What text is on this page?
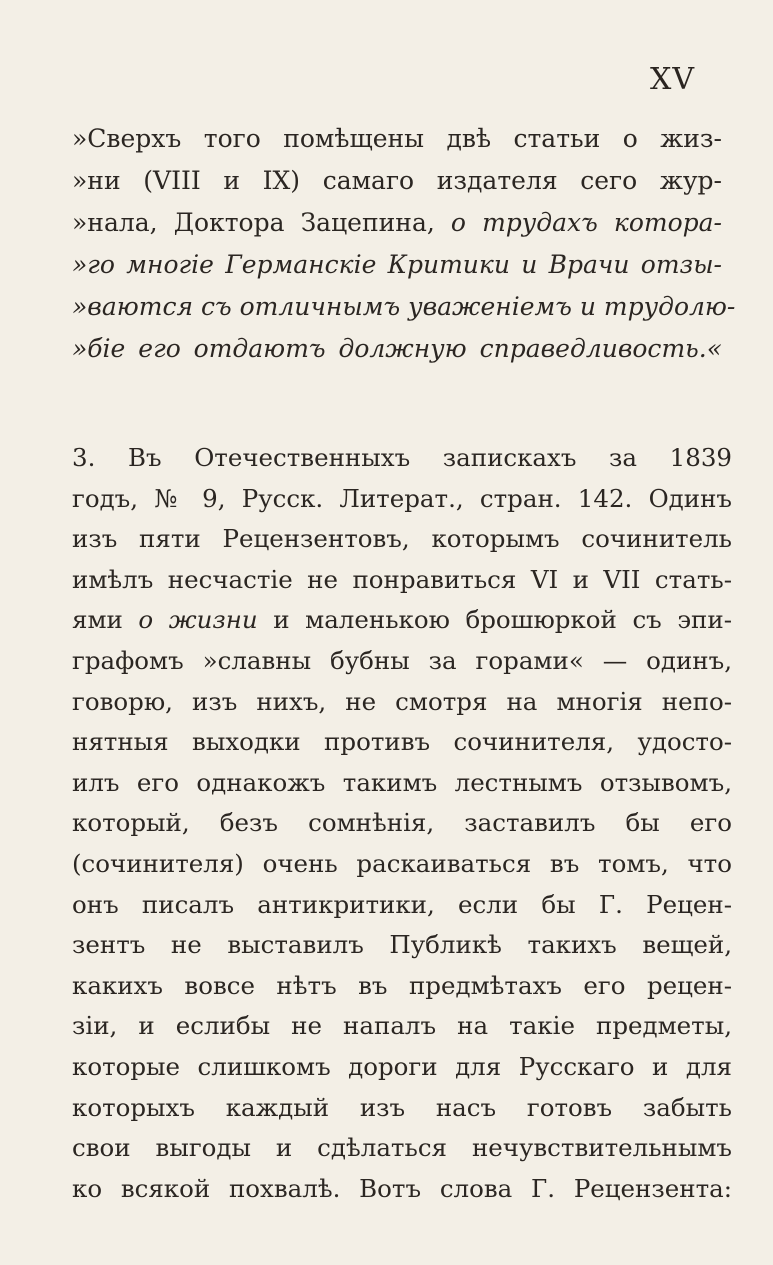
XV
»Сверхъ того помѣщены двѣ статьи о жиз-
»ни (VIII и IX) самаго издателя сего жур-
»нала, Доктора Зацепина, о трудахъ котора-
»го многіе Германскіе Критики и Врачи отзы-
»ваются съ отличнымъ уваженіемъ и трудолю-
»біе его отдаютъ должную справедливость.«
3. Въ Отечественныхъ запискахъ за 1839
годъ, № 9, Русск. Литерат., стран. 142. Одинъ
изъ пяти Рецензентовъ, которымъ сочинитель
имѣлъ несчастіе не понравиться VI и VII стать-
ями о жизни и маленькою брошюркой съ эпи-
графомъ »славны бубны за горами« — одинъ,
говорю, изъ нихъ, не смотря на многія непо-
нятныя выходки противъ сочинителя, удосто-
илъ его однакожъ такимъ лестнымъ отзывомъ,
который, безъ сомнѣнія, заставилъ бы его
(сочинителя) очень раскаиваться въ томъ, что
онъ писалъ антикритики, если бы Г. Рецен-
зентъ не выставилъ Публикѣ такихъ вещей,
какихъ вовсе нѣтъ въ предмѣтахъ его рецен-
зіи, и еслибы не напалъ на такіе предметы,
которые слишкомъ дороги для Русскаго и для
которыхъ каждый изъ насъ готовъ забыть
свои выгоды и сдѣлаться нечувствительнымъ
ко всякой похвалѣ. Вотъ слова Г. Рецензента:
